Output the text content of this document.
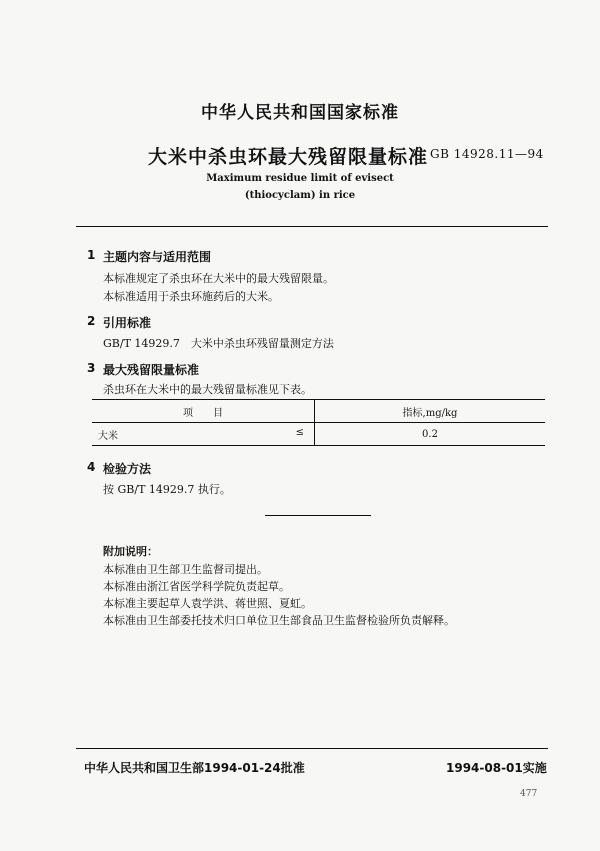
中华人民共和国国家标准
大米中杀虫环最大残留限量标准 GB 14928.11—94
Maximum residue limit of evisect
(thiocyclam) in rice
1 主题内容与适用范围
本标准规定了杀虫环在大米中的最大残留限量。
本标准适用于杀虫环施药后的大米。
2 引用标准
GB/T 14929.7　大米中杀虫环残留量测定方法
3 最大残留限量标准
杀虫环在大米中的最大残留量标准见下表。
项　　目	指标,mg/kg
大米 ≤	0.2
4 检验方法
按 GB/T 14929.7 执行。
附加说明：
本标准由卫生部卫生监督司提出。
本标准由浙江省医学科学院负责起草。
本标准主要起草人袁学洪、蒋世照、夏虹。
本标准由卫生部委托技术归口单位卫生部食品卫生监督检验所负责解释。
中华人民共和国卫生部1994-01-24批准	1994-08-01实施
477
